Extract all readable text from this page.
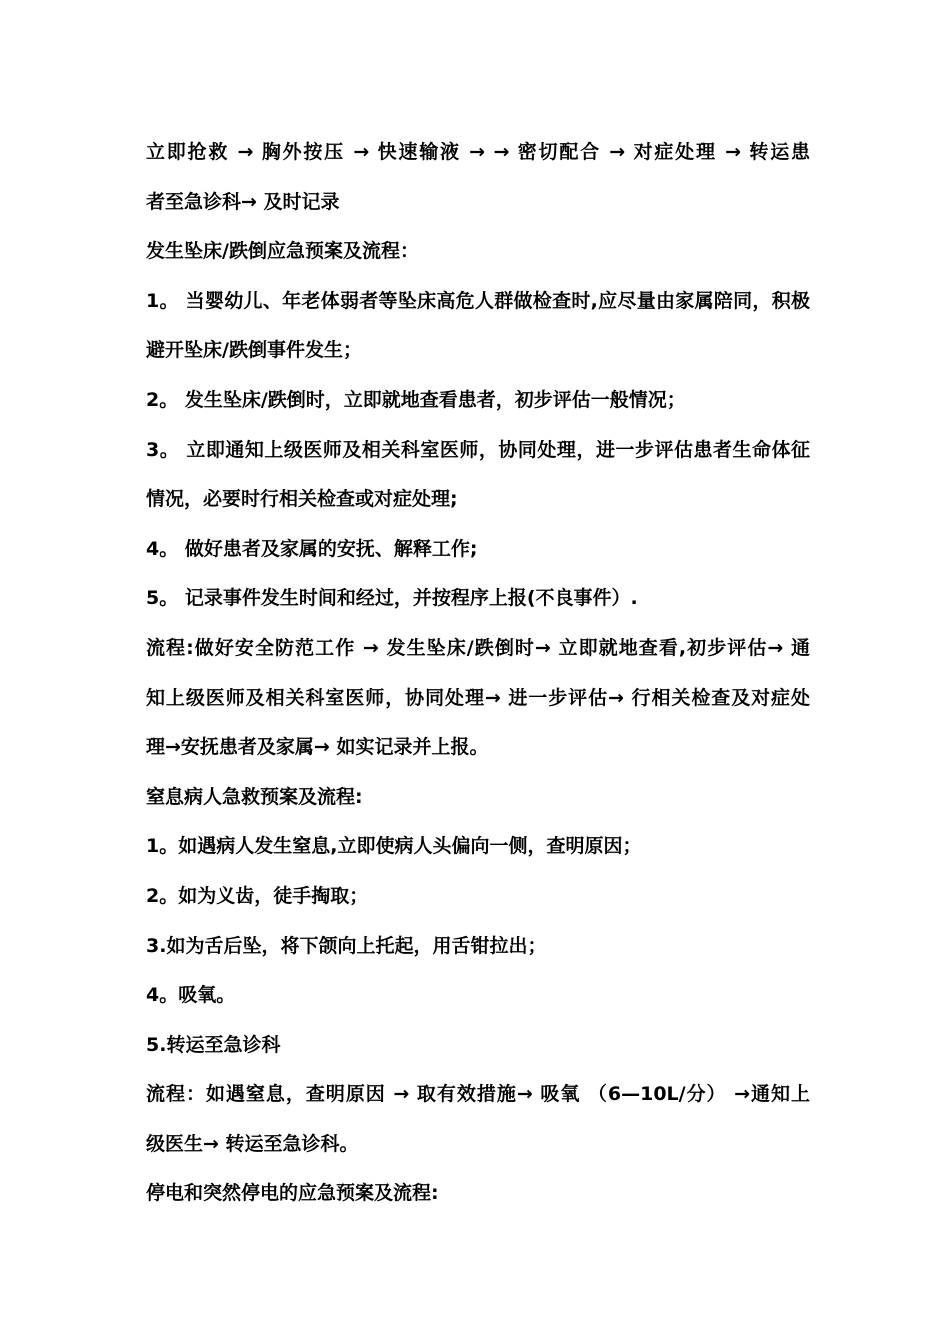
立即抢救 → 胸外按压 → 快速输液 → → 密切配合 → 对症处理 → 转运患
者至急诊科→ 及时记录
发生坠床/跌倒应急预案及流程：
1。 当婴幼儿、年老体弱者等坠床高危人群做检查时,应尽量由家属陪同，积极
避开坠床/跌倒事件发生；
2。 发生坠床/跌倒时，立即就地查看患者，初步评估一般情况；
3。 立即通知上级医师及相关科室医师，协同处理，进一步评估患者生命体征
情况，必要时行相关检查或对症处理;
4。 做好患者及家属的安抚、解释工作;
5。 记录事件发生时间和经过，并按程序上报(不良事件）.
流程:做好安全防范工作 → 发生坠床/跌倒时→ 立即就地查看,初步评估→ 通
知上级医师及相关科室医师，协同处理→ 进一步评估→ 行相关检查及对症处
理→安抚患者及家属→ 如实记录并上报。
窒息病人急救预案及流程:
1。如遇病人发生窒息,立即使病人头偏向一侧，查明原因；
2。如为义齿，徒手掏取；
3.如为舌后坠，将下颌向上托起，用舌钳拉出；
4。吸氧。
5.转运至急诊科
流程：如遇窒息，查明原因 → 取有效措施→ 吸氧 （6—10L/分） →通知上
级医生→ 转运至急诊科。
停电和突然停电的应急预案及流程:
